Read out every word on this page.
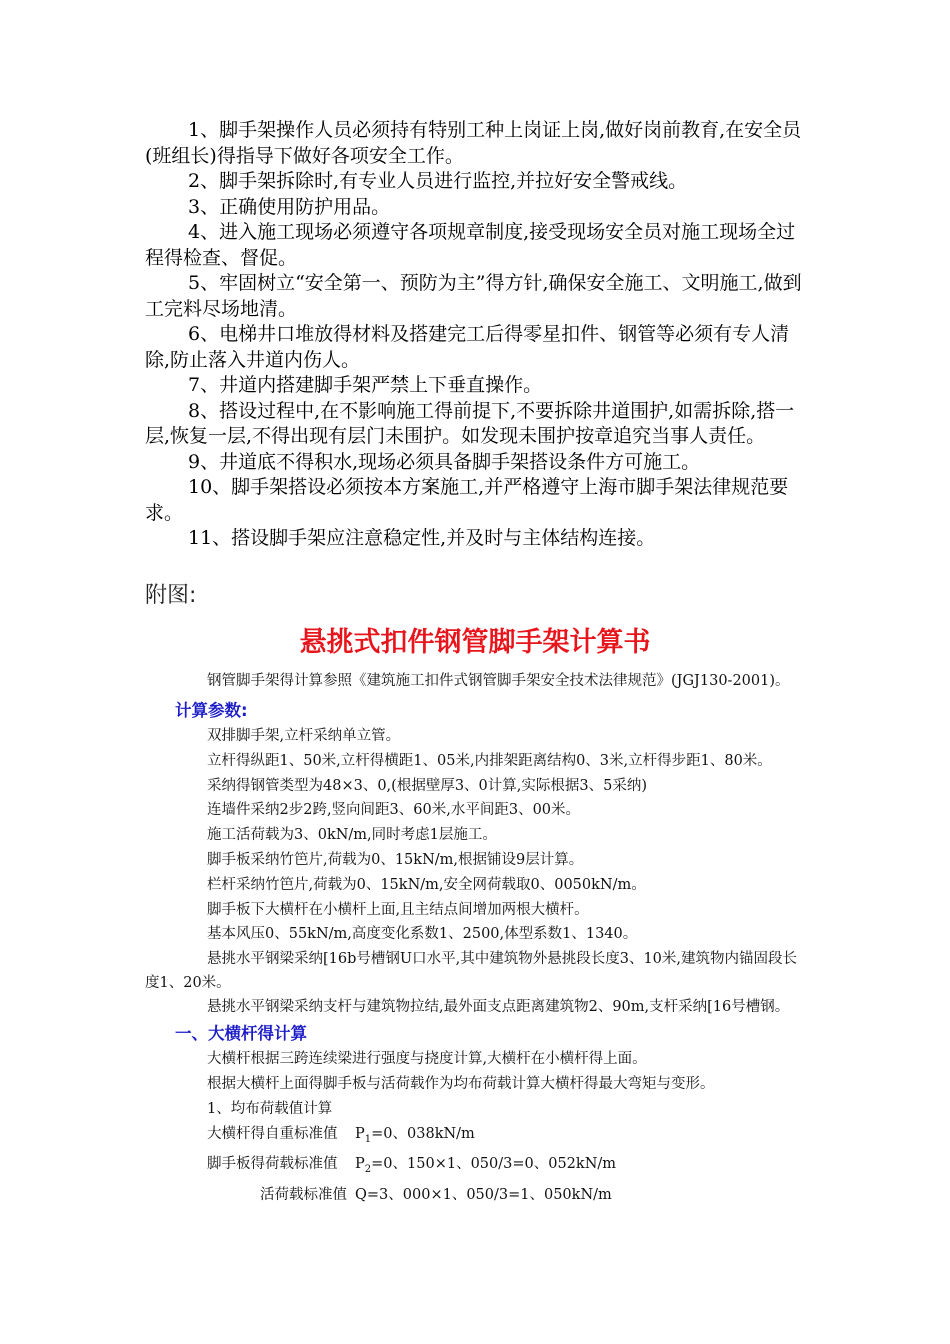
1、脚手架操作人员必须持有特别工种上岗证上岗,做好岗前教育,在安全员(班组长)得指导下做好各项安全工作。

2、脚手架拆除时,有专业人员进行监控,并拉好安全警戒线。

3、正确使用防护用品。

4、进入施工现场必须遵守各项规章制度,接受现场安全员对施工现场全过程得检查、督促。

5、牢固树立“安全第一、预防为主”得方针,确保安全施工、文明施工,做到工完料尽场地清。

6、电梯井口堆放得材料及搭建完工后得零星扣件、钢管等必须有专人清除,防止落入井道内伤人。

7、井道内搭建脚手架严禁上下垂直操作。

8、搭设过程中,在不影响施工得前提下,不要拆除井道围护,如需拆除,搭一层,恢复一层,不得出现有层门未围护。如发现未围护按章追究当事人责任。

9、井道底不得积水,现场必须具备脚手架搭设条件方可施工。

10、脚手架搭设必须按本方案施工,并严格遵守上海市脚手架法律规范要求。

11、搭设脚手架应注意稳定性,并及时与主体结构连接。

附图:
悬挑式扣件钢管脚手架计算书

钢管脚手架得计算参照《建筑施工扣件式钢管脚手架安全技术法律规范》(JGJ130-2001)。

计算参数:

双排脚手架,立杆采纳单立管。

立杆得纵距1、50米,立杆得横距1、05米,内排架距离结构0、3米,立杆得步距1、80米。

采纳得钢管类型为48×3、0,(根据壁厚3、0计算,实际根据3、5采纳)

连墙件采纳2步2跨,竖向间距3、60米,水平间距3、00米。

施工活荷载为3、0kN/m,同时考虑1层施工。

脚手板采纳竹笆片,荷载为0、15kN/m,根据铺设9层计算。

栏杆采纳竹笆片,荷载为0、15kN/m,安全网荷载取0、0050kN/m。

脚手板下大横杆在小横杆上面,且主结点间增加两根大横杆。

基本风压0、55kN/m,高度变化系数1、2500,体型系数1、1340。

悬挑水平钢梁采纳[16b号槽钢U口水平,其中建筑物外悬挑段长度3、10米,建筑物内锚固段长度1、20米。

悬挑水平钢梁采纳支杆与建筑物拉结,最外面支点距离建筑物2、90m,支杆采纳[16号槽钢。

一、大横杆得计算

大横杆根据三跨连续梁进行强度与挠度计算,大横杆在小横杆得上面。

根据大横杆上面得脚手板与活荷载作为均布荷载计算大横杆得最大弯矩与变形。

1、均布荷载值计算

大横杆得自重标准值 $P_1=0$、038kN/m

脚手板得荷载标准值 $P_2=0$、150×1、050/3=0、052kN/m

活荷载标准值 Q=3、000×1、050/3=1、050kN/m
